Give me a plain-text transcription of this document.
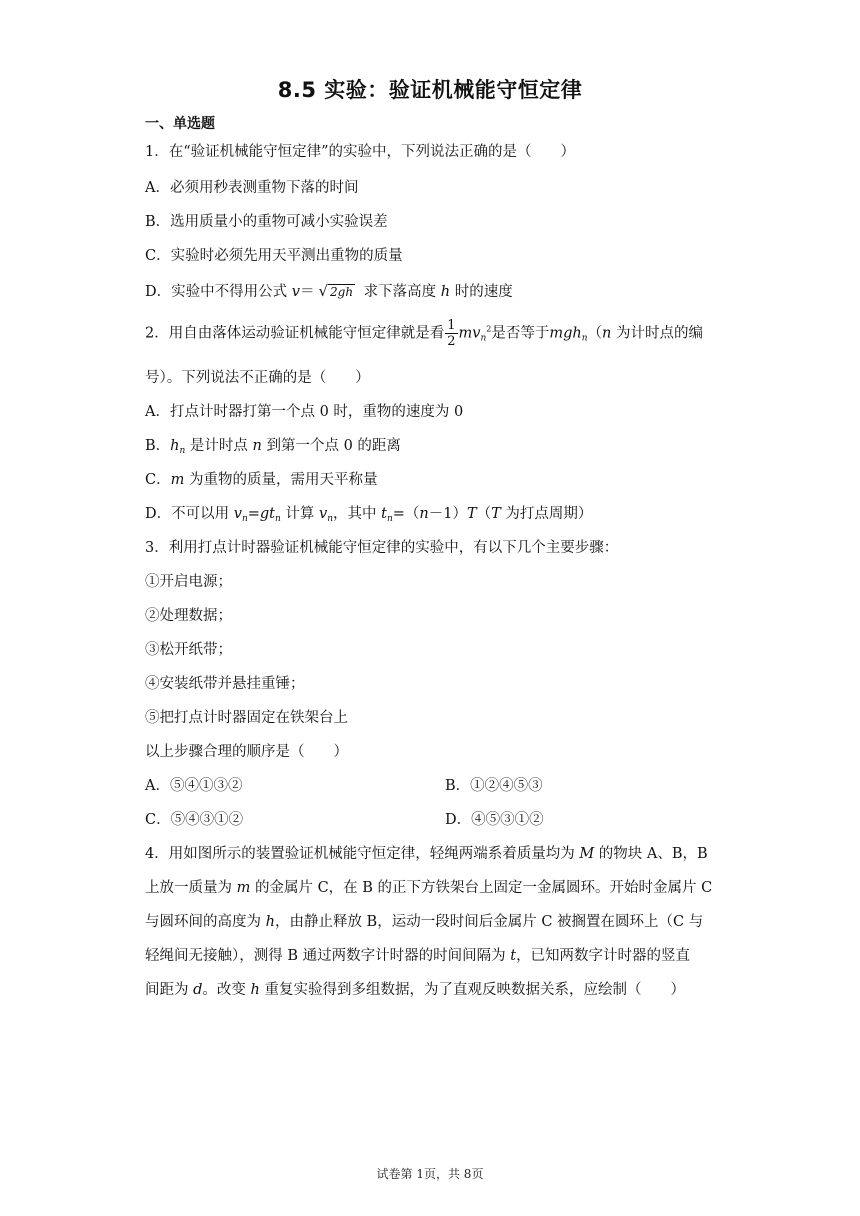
8.5 实验：验证机械能守恒定律
一、单选题
1．在“验证机械能守恒定律”的实验中，下列说法正确的是（　　）
A．必须用秒表测重物下落的时间
B．选用质量小的重物可减小实验误差
C．实验时必须先用天平测出重物的质量
D．实验中不得用公式 v＝ √ 2gh 求下落高度 h 时的速度
2．用自由落体运动验证机械能守恒定律就是看 $\frac{1}{2} mv_n^2$是否等于mgh$_n$（n 为计时点的编
号）。下列说法不正确的是（　　）
A．打点计时器打第一个点 0 时，重物的速度为 0
B．$h_n$ 是计时点 n 到第一个点 0 的距离
C．m 为重物的质量，需用天平称量
D．不可以用 $v_n=gt_n$ 计算 $v_n$，其中 $t_n=(n-1)T(T$ 为打点周期）
3．利用打点计时器验证机械能守恒定律的实验中，有以下几个主要步骤：
①开启电源；
②处理数据；
③松开纸带；
④安装纸带并悬挂重锤；
⑤把打点计时器固定在铁架台上
以上步骤合理的顺序是（　　）
A．⑤④①③②	B．①②④⑤③
C．⑤④③①②	D．④⑤③①②
4．用如图所示的装置验证机械能守恒定律，轻绳两端系着质量均为 M 的物块 A、B，B
上放一质量为 m 的金属片 C，在 B 的正下方铁架台上固定一金属圆环。开始时金属片 C
与圆环间的高度为 h，由静止释放 B，运动一段时间后金属片 C 被搁置在圆环上（C 与
轻绳间无接触），测得 B 通过两数字计时器的时间间隔为 t，已知两数字计时器的竖直
间距为 d。改变 h 重复实验得到多组数据，为了直观反映数据关系，应绘制（　　）
试卷第 1页，共 8页
